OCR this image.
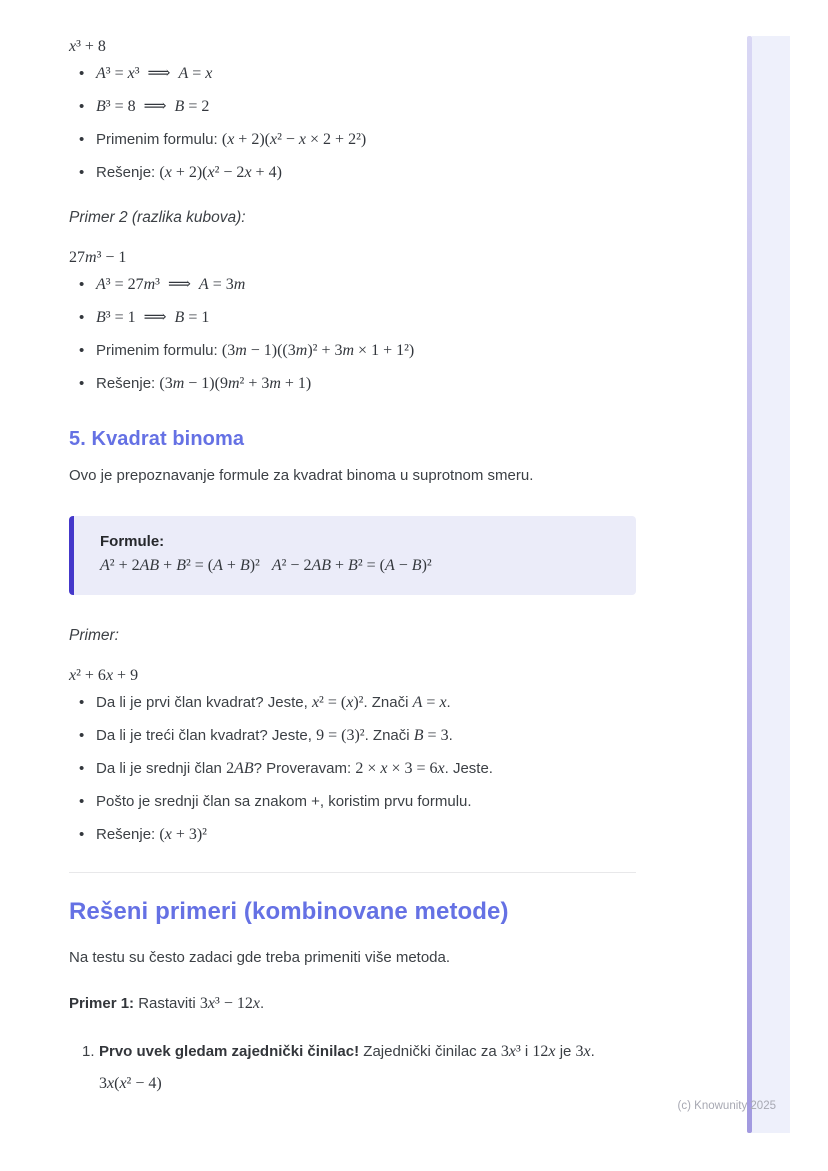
x³ + 8

• A³ = x³  ⟹  A = x
• B³ = 8  ⟹  B = 2
• Primenim formulu: (x + 2)(x² − x × 2 + 2²)
• Rešenje: (x + 2)(x² − 2x + 4)

Primer 2 (razlika kubova):

27m³ − 1

• A³ = 27m³  ⟹  A = 3m
• B³ = 1  ⟹  B = 1
• Primenim formulu: (3m − 1)((3m)² + 3m × 1 + 1²)
• Rešenje: (3m − 1)(9m² + 3m + 1)
5. Kvadrat binoma

Ovo je prepoznavanje formule za kvadrat binoma u suprotnom smeru.

Formule:

A² + 2AB + B² = (A + B)² A² − 2AB + B² = (A − B)²

Primer:

x² + 6x + 9

• Da li je prvi član kvadrat? Jeste, x² = (x)². Znači A = x.
• Da li je treći član kvadrat? Jeste, 9 = (3)². Znači B = 3.
• Da li je srednji član 2AB? Proveravam: 2 × x × 3 = 6x. Jeste.
• Pošto je srednji član sa znakom +, koristim prvu formulu.
• Rešenje: (x + 3)²
Rešeni primeri (kombinovane metode)

Na testu su često zadaci gde treba primeniti više metoda.

Primer 1: Rastaviti 3x³ − 12x.

1. Prvo uvek gledam zajednički činilac! Zajednički činilac za 3x³ i 12x je 3x.
3x(x² − 4)
(c) Knowunity 2025
